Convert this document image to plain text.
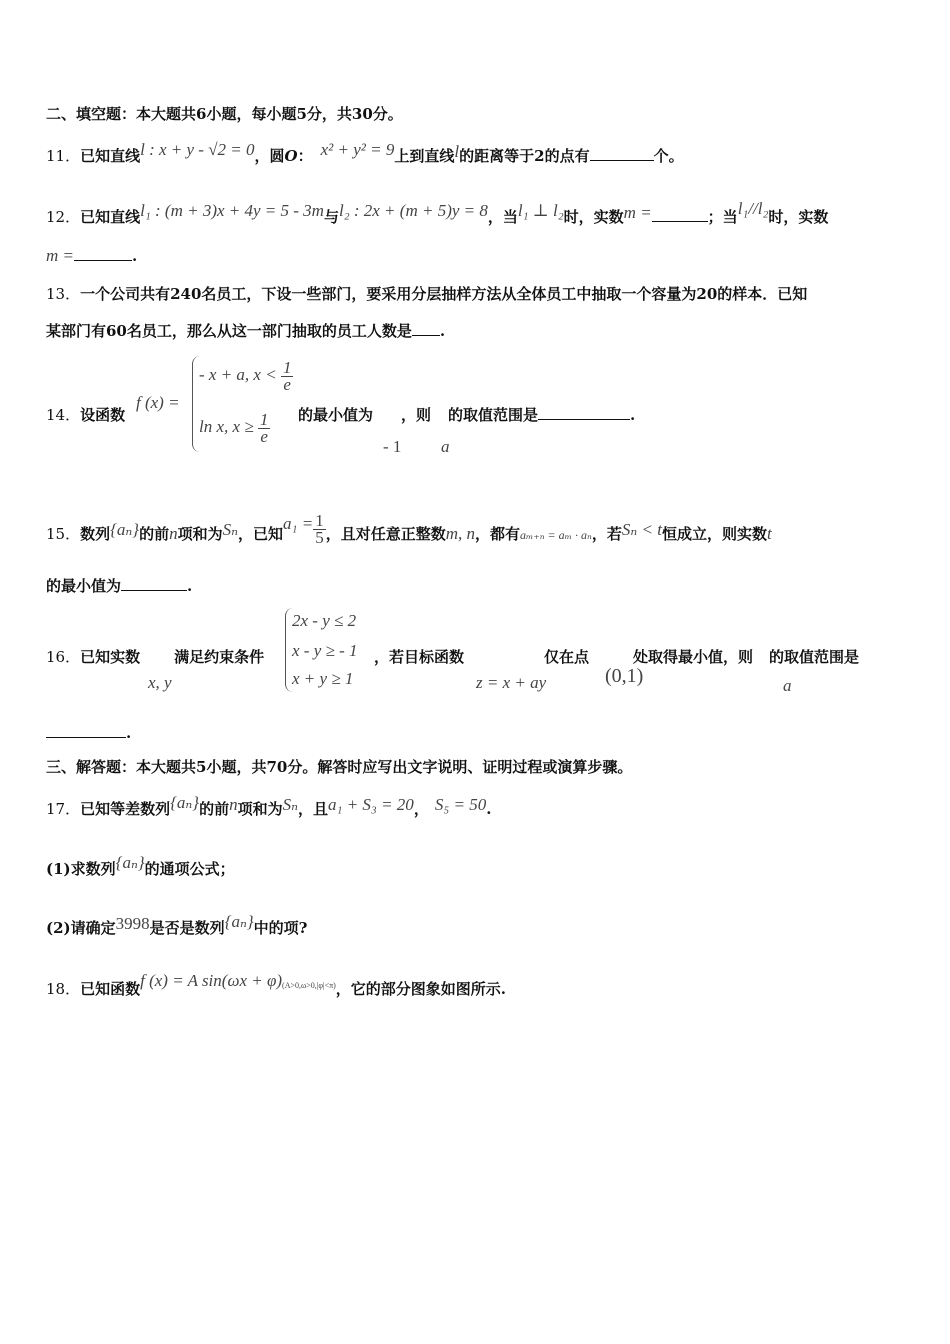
二、填空题：本大题共6小题，每小题5分，共30分。
11．已知直线l : x + y - √2 = 0，圆O： x² + y² = 9上到直线l的距离等于2的点有	个。
12．已知直线l₁ : (m + 3)x + 4y = 5 - 3m与l₂ : 2x + (m + 5)y = 8，当l₁ ⊥ l₂时，实数m =	；当l₁//l₂时，实数
m =	.
13．一个公司共有240名员工，下设一些部门，要采用分层抽样方法从全体员工中抽取一个容量为20的样本．已知
某部门有60名员工，那么从这一部门抽取的员工人数是 .
14．设函数
f (x) =
- x + a, $x < \frac{1}{e}$
ln x, $x \ge \frac{1}{e}$ 的最小值为 ，则 的取值范围是	.
- 1 a
15．数列{aₙ}的前n项和为Sₙ，已知$a_1 = \frac{1}{5}$ ，且对任意正整数m, n，都有aₘ₊ₙ = aₘ · aₙ，若Sₙ < t恒成立，则实数t
的最小值为	.
16．已知实数 满足约束条件
2x - y ≤ 2
x - y ≥ - 1
x + y ≥ 1
，若目标函数	仅在点	处取得最小值，则 的取值范围是
x, y	z = x + ay	(0,1)	a
.
三、解答题：本大题共5小题，共70分。解答时应写出文字说明、证明过程或演算步骤。
17．已知等差数列{aₙ}的前n项和为Sₙ，且a₁ + S₃ = 20， S₅ = 50.
(1)求数列{aₙ}的通项公式；
(2)请确定3998是否是数列{aₙ}中的项?
18．已知函数f (x) = A $\sin(\omega x + \varphi)^{(A>0,\omega>0,|\varphi|<\pi)}$，它的部分图象如图所示.
